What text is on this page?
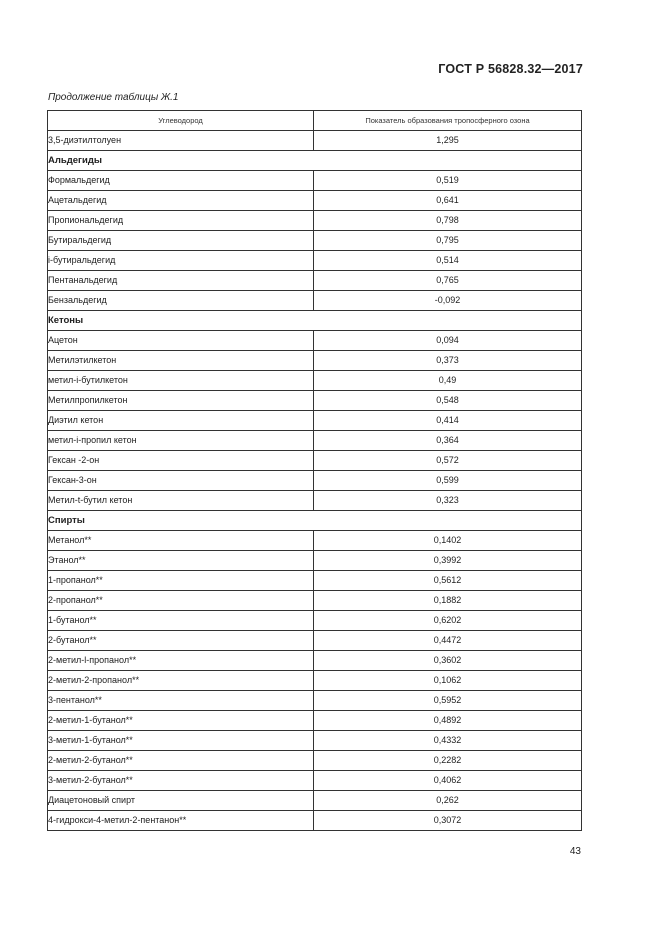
ГОСТ Р 56828.32—2017
Продолжение таблицы Ж.1
Углеводород	Показатель образования тропосферного озона
3,5-диэтилтолуен	1,295
Альдегиды	
Формальдегид	0,519
Ацетальдегид	0,641
Пропиональдегид	0,798
Бутиральдегид	0,795
i-бутиральдегид	0,514
Пентанальдегид	0,765
Бензальдегид	-0,092
Кетоны	
Ацетон	0,094
Метилэтилкетон	0,373
метил-i-бутилкетон	0,49
Метилпропилкетон	0,548
Диэтил кетон	0,414
метил-i-пропил кетон	0,364
Гексан -2-он	0,572
Гексан-3-он	0,599
Метил-t-бутил кетон	0,323
Спирты	
Метанол**	0,1402
Этанол**	0,3992
1-пропанол**	0,5612
2-пропанол**	0,1882
1-бутанол**	0,6202
2-бутанол**	0,4472
2-метил-l-пропанол**	0,3602
2-метил-2-пропанол**	0,1062
3-пентанол**	0,5952
2-метил-1-бутанол**	0,4892
3-метил-1-бутанол**	0,4332
2-метил-2-бутанол**	0,2282
3-метил-2-бутанол**	0,4062
Диацетоновый спирт	0,262
4-гидрокси-4-метил-2-пентанон**	0,3072
43
